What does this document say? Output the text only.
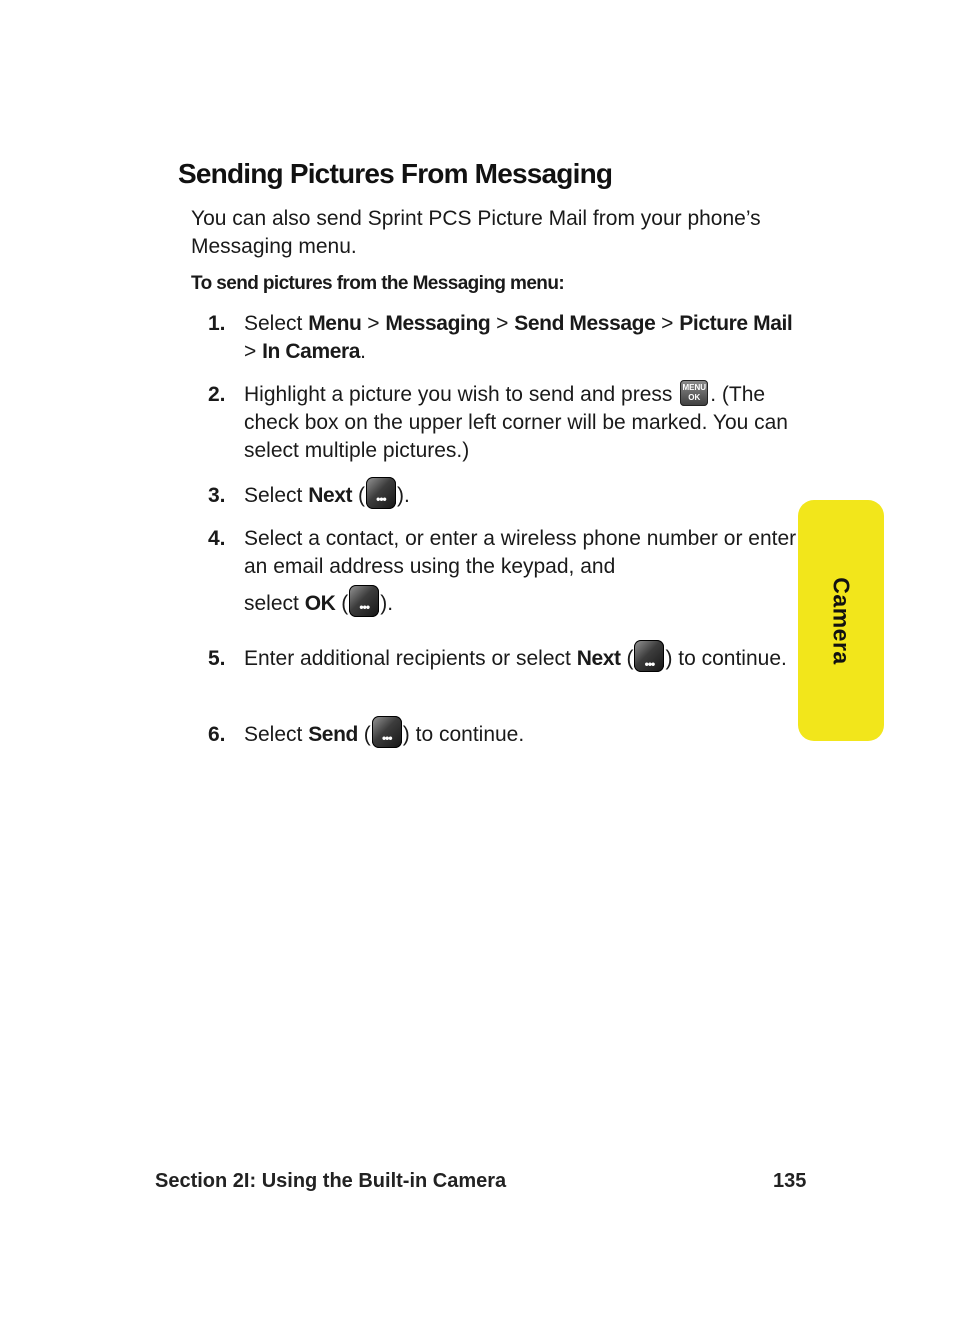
Sending Pictures From Messaging
You can also send Sprint PCS Picture Mail from your phone’s Messaging menu.
To send pictures from the Messaging menu:
1. Select Menu > Messaging > Send Message > Picture Mail > In Camera.
2. Highlight a picture you wish to send and press MENU
OK . (The check box on the upper left corner will be marked. You can select multiple pictures.)
3. Select Next ( ••• ).
4. Select a contact, or enter a wireless phone number or enter an email address using the keypad, and
select OK ( ••• ).
5. Enter additional recipients or select Next ( ••• ) to continue.
6. Select Send ( ••• ) to continue.
Camera
Section 2I: Using the Built-in Camera	135
